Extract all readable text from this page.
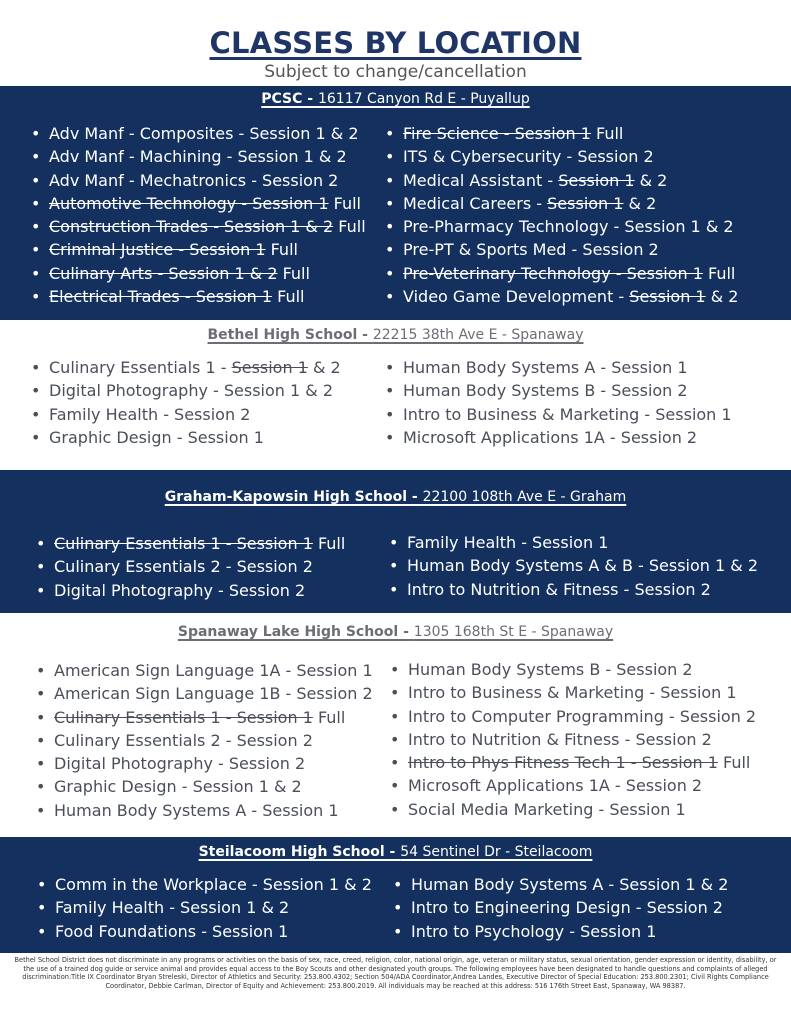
CLASSES BY LOCATION
Subject to change/cancellation
PCSC - 16117 Canyon Rd E - Puyallup
• Adv Manf - Composites - Session 1 & 2
• Adv Manf - Machining - Session 1 & 2
• Adv Manf - Mechatronics - Session 2
• Automotive Technology - Session 1 Full
• Construction Trades - Session 1 & 2 Full
• Criminal Justice - Session 1 Full
• Culinary Arts - Session 1 & 2 Full
• Electrical Trades - Session 1 Full
• Fire Science - Session 1 Full
• ITS & Cybersecurity - Session 2
• Medical Assistant - Session 1 & 2
• Medical Careers - Session 1 & 2
• Pre-Pharmacy Technology - Session 1 & 2
• Pre-PT & Sports Med - Session 2
• Pre-Veterinary Technology - Session 1 Full
• Video Game Development - Session 1 & 2
Bethel High School - 22215 38th Ave E - Spanaway
• Culinary Essentials 1 - Session 1 & 2
• Digital Photography - Session 1 & 2
• Family Health - Session 2
• Graphic Design - Session 1
• Human Body Systems A - Session 1
• Human Body Systems B - Session 2
• Intro to Business & Marketing - Session 1
• Microsoft Applications 1A - Session 2
Graham-Kapowsin High School - 22100 108th Ave E - Graham
• Culinary Essentials 1 - Session 1 Full
• Culinary Essentials 2 - Session 2
• Digital Photography - Session 2
• Family Health - Session 1
• Human Body Systems A & B - Session 1 & 2
• Intro to Nutrition & Fitness - Session 2
Spanaway Lake High School - 1305 168th St E - Spanaway
• American Sign Language 1A - Session 1
• American Sign Language 1B - Session 2
• Culinary Essentials 1 - Session 1 Full
• Culinary Essentials 2 - Session 2
• Digital Photography - Session 2
• Graphic Design - Session 1 & 2
• Human Body Systems A - Session 1
• Human Body Systems B - Session 2
• Intro to Business & Marketing - Session 1
• Intro to Computer Programming - Session 2
• Intro to Nutrition & Fitness - Session 2
• Intro to Phys Fitness Tech 1 - Session 1 Full
• Microsoft Applications 1A - Session 2
• Social Media Marketing - Session 1
Steilacoom High School - 54 Sentinel Dr - Steilacoom
• Comm in the Workplace - Session 1 & 2
• Family Health - Session 1 & 2
• Food Foundations - Session 1
• Human Body Systems A - Session 1 & 2
• Intro to Engineering Design - Session 2
• Intro to Psychology - Session 1
Bethel School District does not discriminate in any programs or activities on the basis of sex, race, creed, religion, color, national origin, age, veteran or military status, sexual orientation, gender expression or identity, disability, or the use of a trained dog guide or service animal and provides equal access to the Boy Scouts and other designated youth groups. The following employees have been designated to handle questions and complaints of alleged discrimination:Title IX Coordinator Bryan Streleski, Director of Athletics and Security: 253.800.4302; Section 504/ADA Coordinator,Andrea Landes, Executive Director of Special Education: 253.800.2301; Civil Rights Compliance Coordinator, Debbie Carlman, Director of Equity and Achievement: 253.800.2019. All individuals may be reached at this address: 516 176th Street East, Spanaway, WA 98387.
